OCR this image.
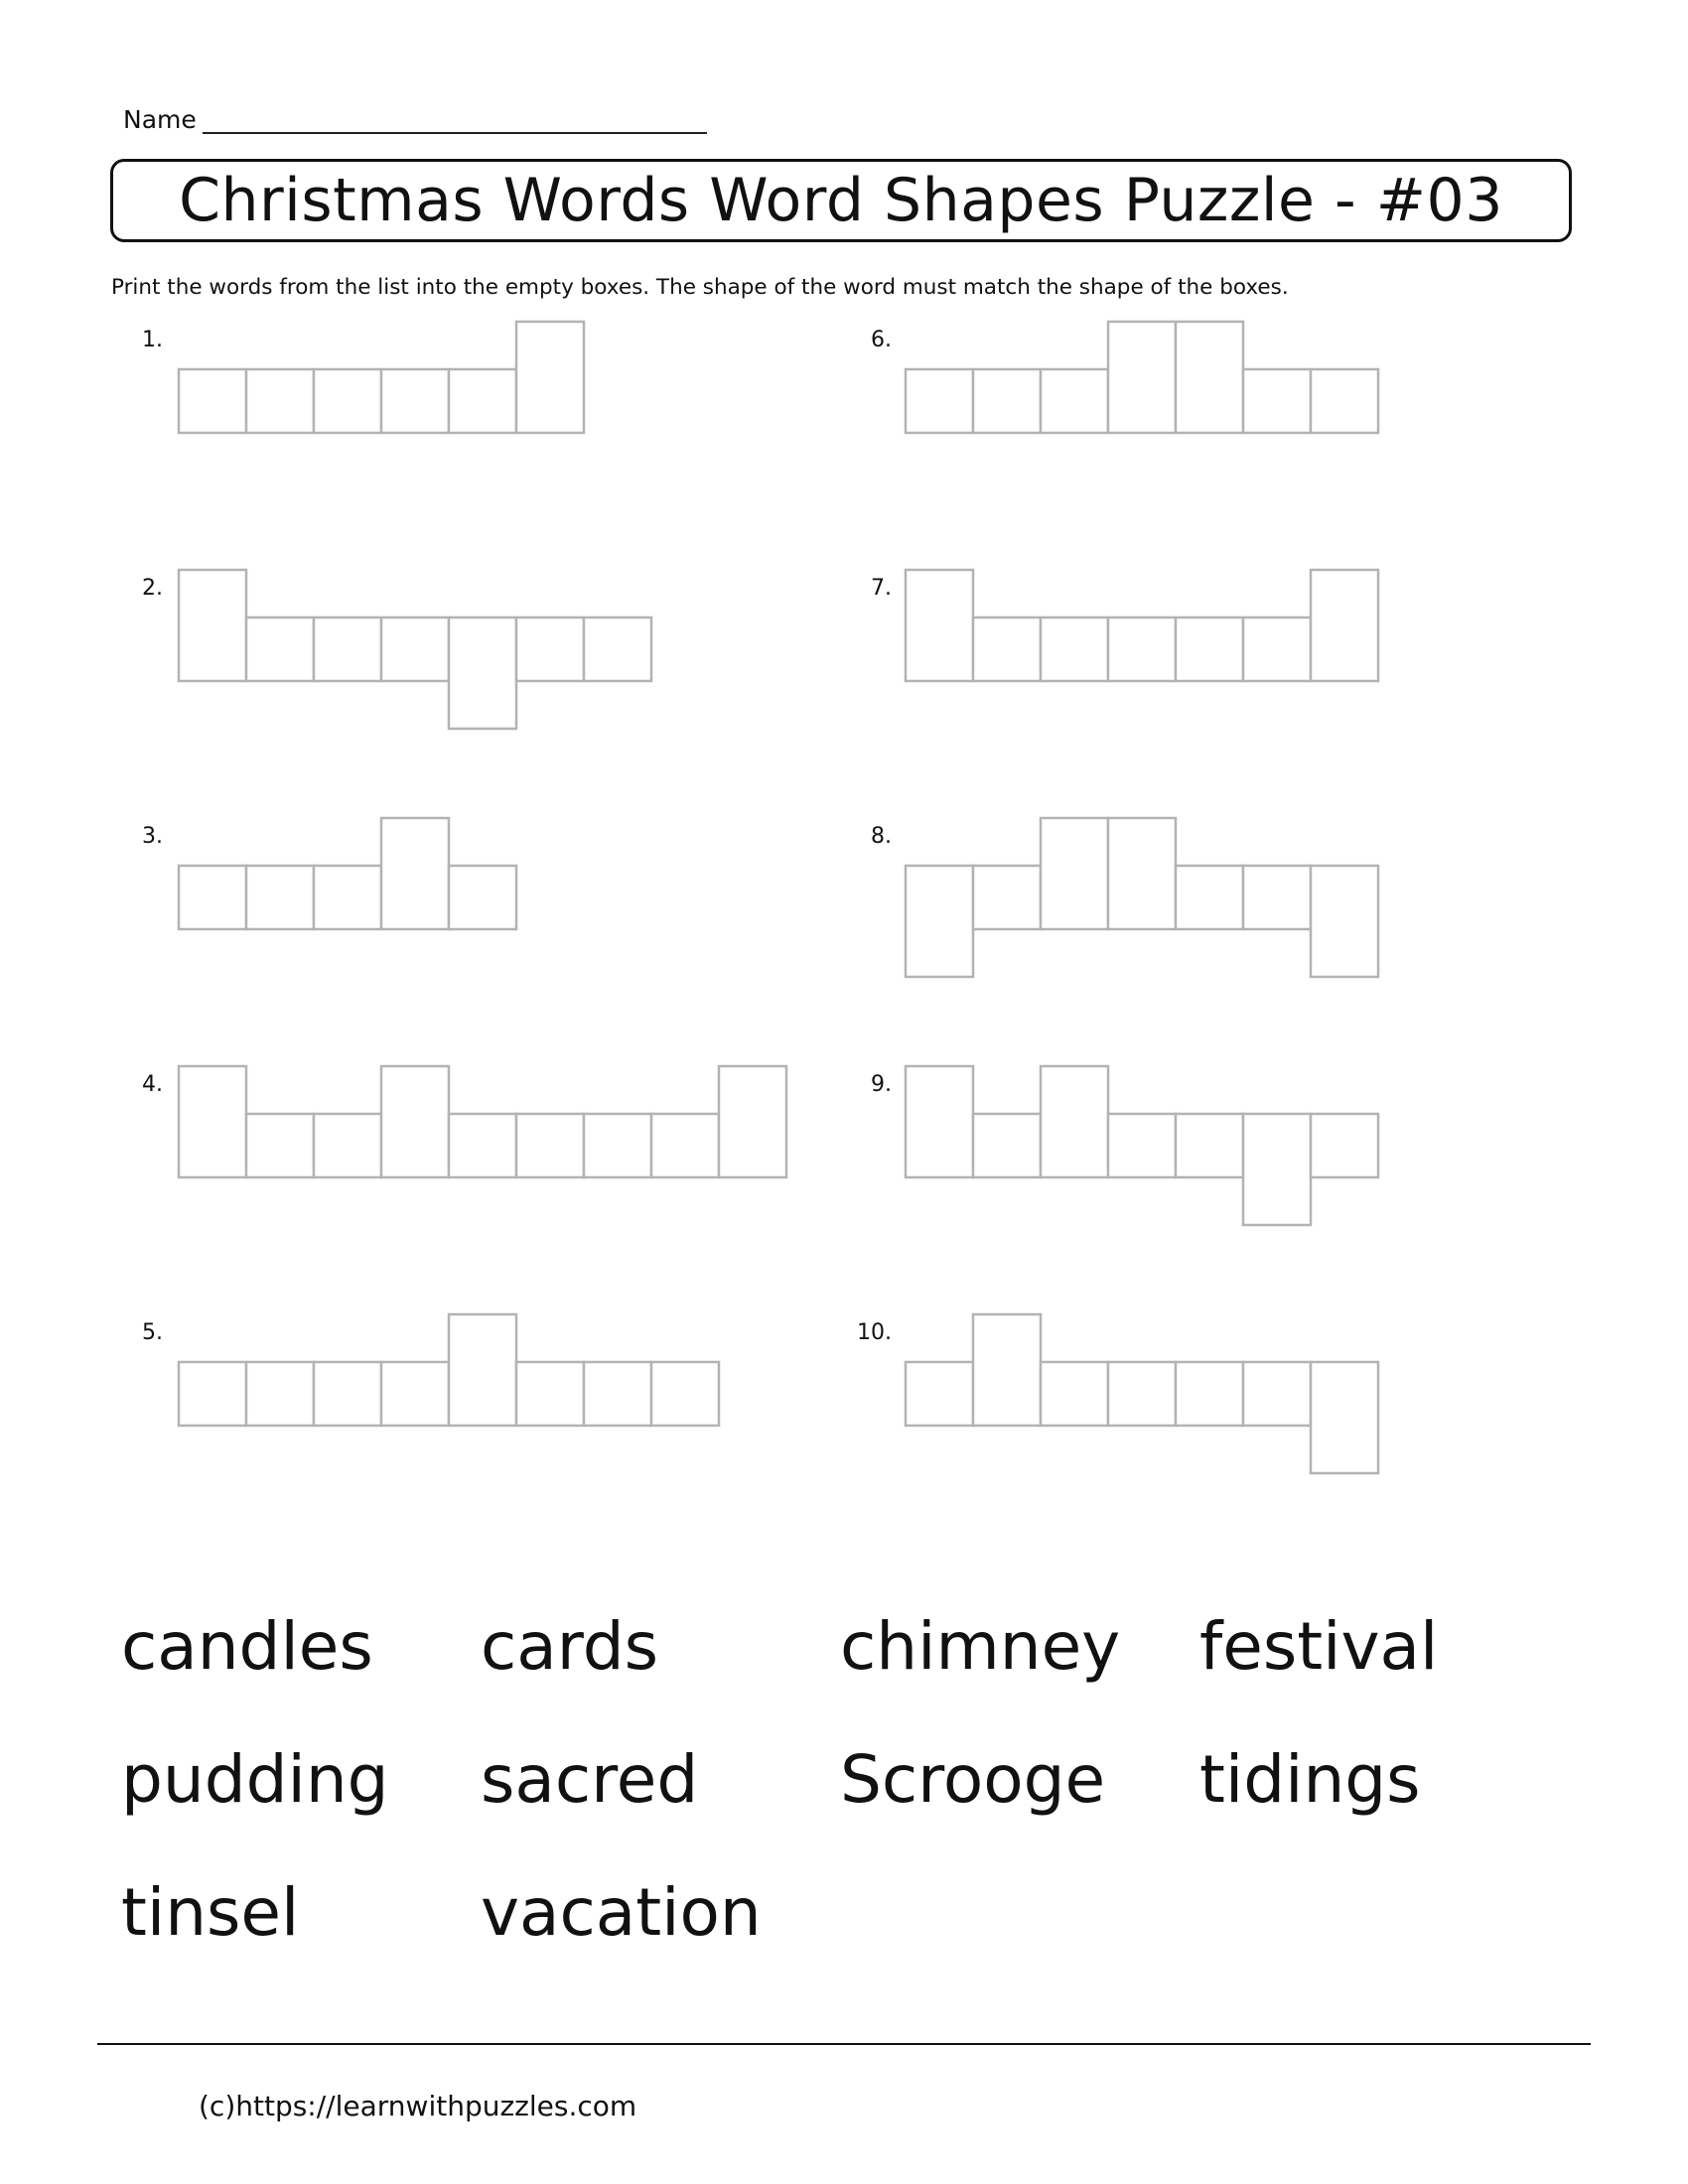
Name
Christmas Words Word Shapes Puzzle - #03
Print the words from the list into the empty boxes. The shape of the word must match the shape of the boxes.
1.
2.
3.
4.
5.
6.
7.
8.
9.
10.
candles cards	chimney festival
pudding sacred Scrooge tidings
tinsel	vacation
(c)https://learnwithpuzzles.com
